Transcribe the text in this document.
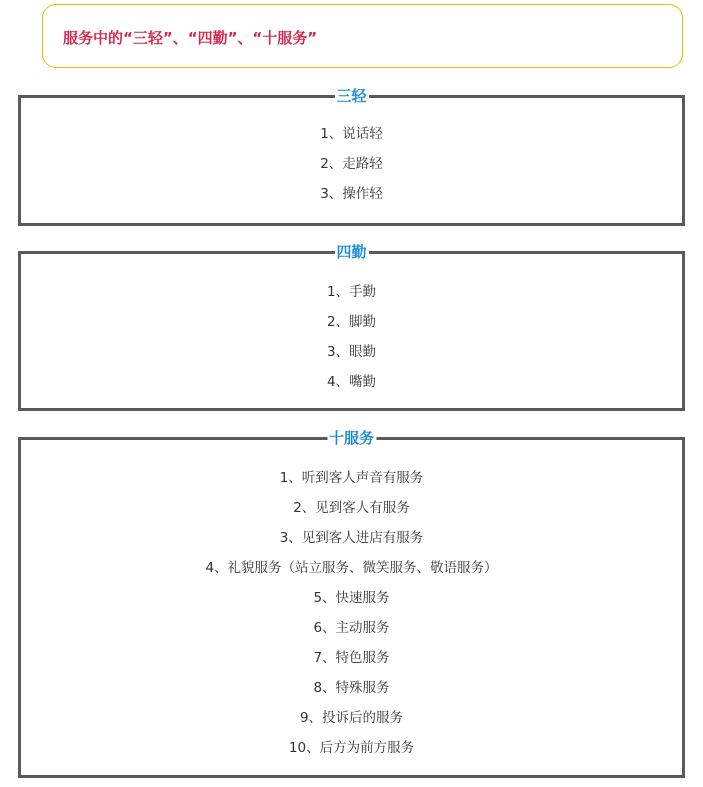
服务中的“三轻”、“四勤”、“十服务”
三轻
1、说话轻
2、走路轻
3、操作轻
四勤
1、手勤
2、脚勤
3、眼勤
4、嘴勤
十服务
1、听到客人声音有服务
2、见到客人有服务
3、见到客人进店有服务
4、礼貌服务（站立服务、微笑服务、敬语服务）
5、快速服务
6、主动服务
7、特色服务
8、特殊服务
9、投诉后的服务
10、后方为前方服务
